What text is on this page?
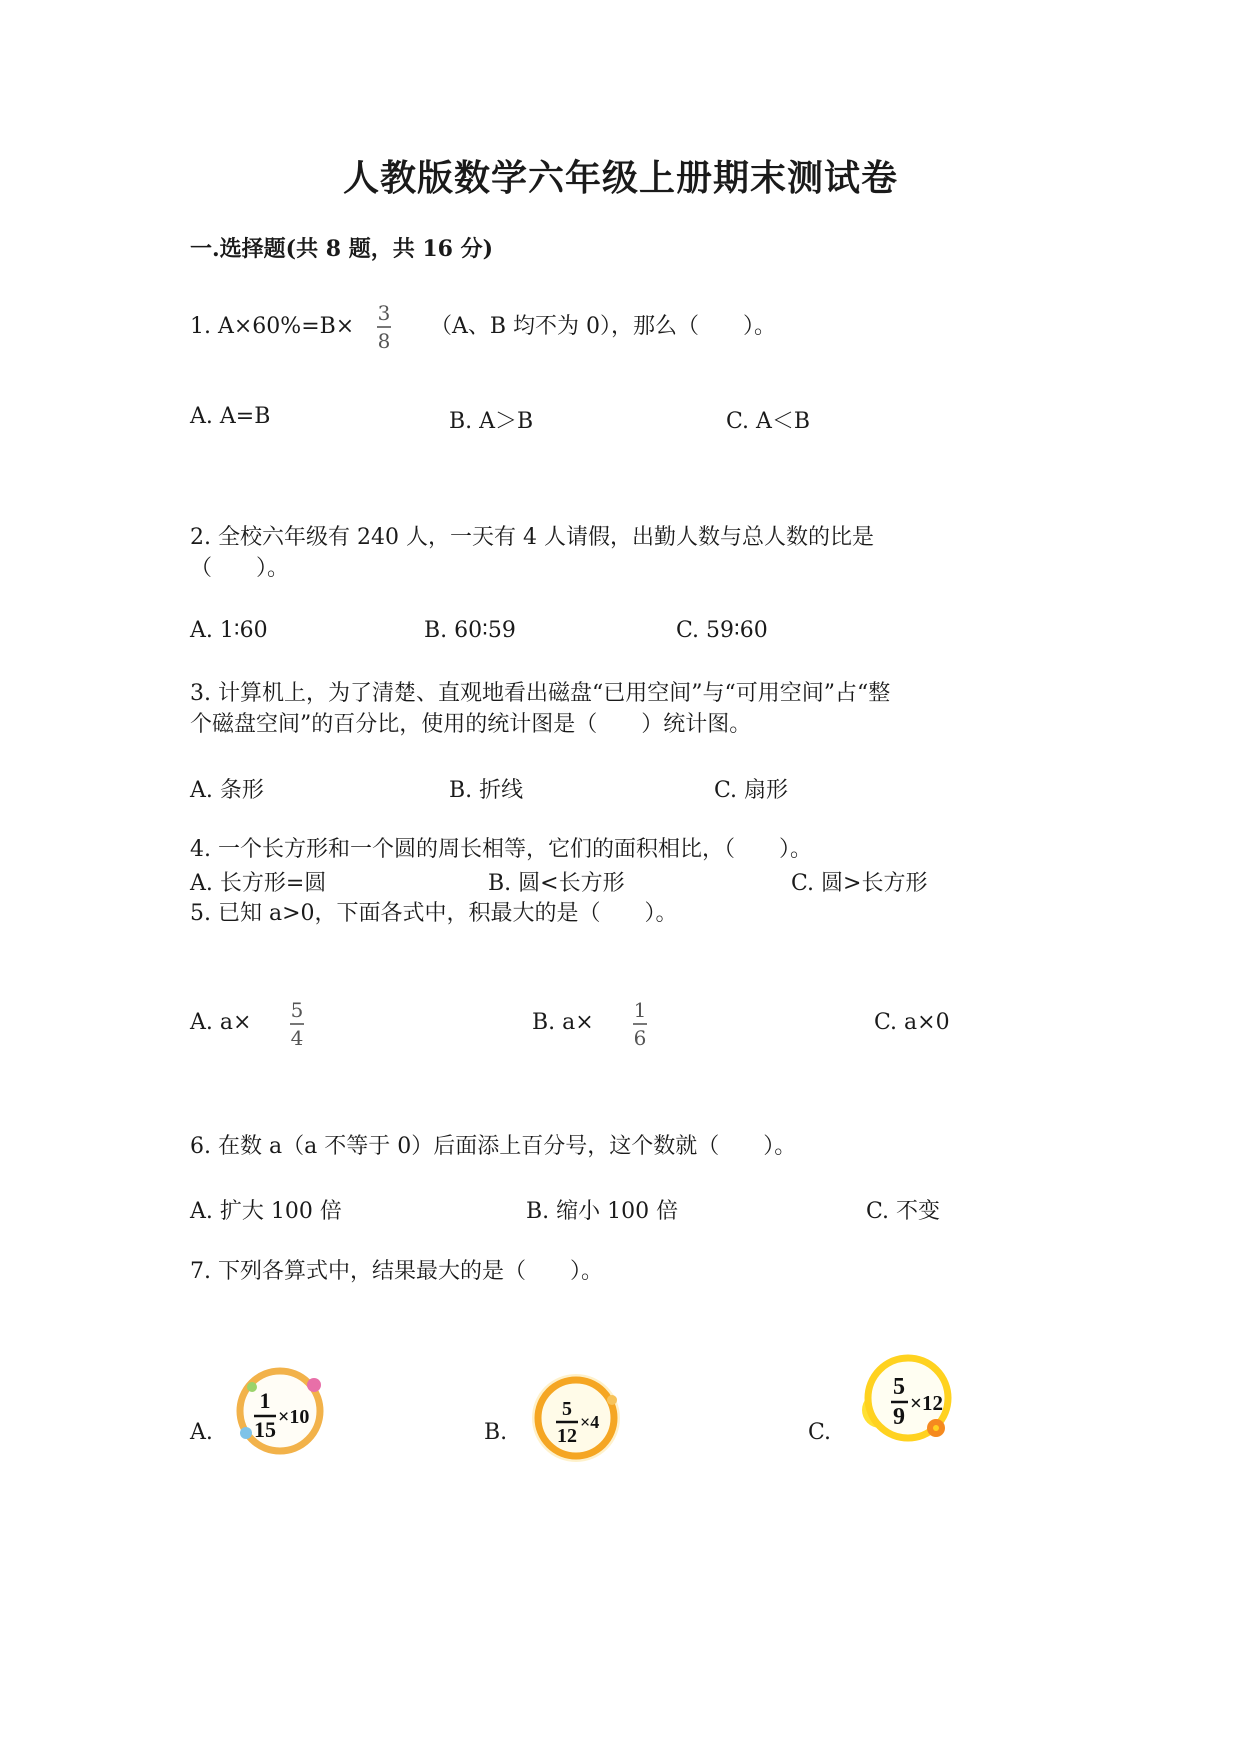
人教版数学六年级上册期末测试卷
一.选择题(共 8 题，共 16 分)
1. A×60%=B×
3
8
（A、B 均不为 0），那么（　　）。
A. A=B	B. A＞B	C. A＜B
2. 全校六年级有 240 人，一天有 4 人请假，出勤人数与总人数的比是
（　　）。
A. 1∶60	B. 60∶59	C. 59∶60
3. 计算机上，为了清楚、直观地看出磁盘“已用空间”与“可用空间”占“整
个磁盘空间”的百分比，使用的统计图是（　　）统计图。
A. 条形	B. 折线	C. 扇形
4. 一个长方形和一个圆的周长相等，它们的面积相比，（　　）。
A. 长方形=圆	B. 圆<长方形	C. 圆>长方形
5. 已知 a>0，下面各式中，积最大的是（　　）。
A. a× 5
4
B. a× 1
6
C. a×0
6. 在数 a（a 不等于 0）后面添上百分号，这个数就（　　）。
A. 扩大 100 倍	B. 缩小 100 倍	C. 不变
7. 下列各算式中，结果最大的是（　　）。
A.
1
15 ×10
B.
5
12
×4	C.
5
9
×12
